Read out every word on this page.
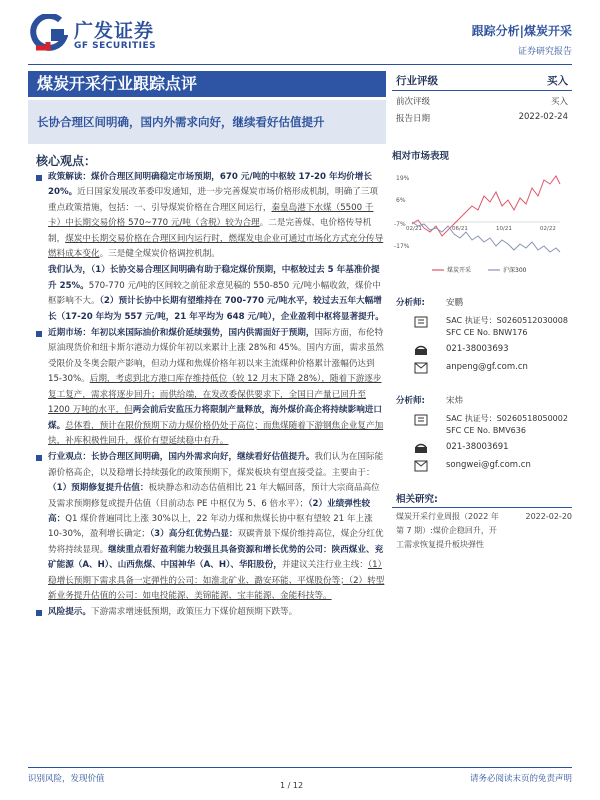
广发证券
GF SECURITIES
跟踪分析|煤炭开采
证券研究报告
煤炭开采行业跟踪点评
长协合理区间明确，国内外需求向好，继续看好估值提升
行业评级	买入
前次评级	买入
报告日期	2022-02-24
核心观点：
政策解读：煤价合理区间明确稳定市场预期，670 元/吨的中枢较 17-20 年均价增长 20%。近日国家发展改革委印发通知，进一步完善煤炭市场价格形成机制，明确了三项重点政策措施，包括：一、引导煤炭价格在合理区间运行，秦皇岛港下水煤（5500 千卡）中长期交易价格 570~770 元/吨（含税）较为合理。二是完善煤、电价格传导机制，煤炭中长期交易价格在合理区间内运行时，燃煤发电企业可通过市场化方式充分传导燃料成本变化。三是健全煤炭价格调控机制。
我们认为，（1）长协交易合理区间明确有助于稳定煤价预期，中枢较过去 5 年基准价提升 25%。570-770 元/吨的区间较之前征求意见稿的 550-850 元/吨小幅收敛，煤价中枢影响不大。（2）预计长协中长期有望维持在 700-770 元/吨水平，较过去五年大幅增长（17-20 年均为 557 元/吨，21 年平均为 648 元/吨），企业盈利中枢将显著提升。
近期市场：年初以来国际油价和煤价延续强势，国内供需面好于预期，国际方面，布伦特原油现货价和纽卡斯尔港动力煤价年初以来累计上涨 28%和 45%。国内方面，需求虽然受限价及冬奥会限产影响，但动力煤和焦煤价格年初以来主流煤种价格累计涨幅仍达到 15-30%。后期，考虑到北方港口库存维持低位（较 12 月末下降 28%），随着下游逐步复工复产，需求将逐步回升；而供给端，在发改委保供要求下，全国日产量已回升至 1200 万吨的水平，但两会前后安监压力将限制产量释放，海外煤价高企将持续影响进口煤。总体看，预计在限价预期下动力煤价格仍处于高位；而焦煤随着下游钢焦企业复产加快，补库积极性回升，煤价有望延续稳中有升。
行业观点：长协合理区间明确，国内外需求向好，继续看好估值提升。我们认为在国际能源价格高企，以及稳增长持续强化的政策预期下，煤炭板块有望直接受益。主要由于：（1）预期修复提升估值：板块静态和动态估值相比 21 年大幅回落，预计大宗商品高位及需求预期修复或提升估值（目前动态 PE 中枢仅为 5、6 倍水平）；（2）业绩弹性较高：Q1 煤价普遍同比上涨 30%以上，22 年动力煤和焦煤长协中枢有望较 21 年上涨 10-30%，盈利增长确定；（3）高分红优势凸显：双碳背景下煤价维持高位，煤企分红优势将持续显现。继续重点看好盈利能力较强且具备资源和增长优势的公司：陕西煤业、兖矿能源（A、H）、山西焦煤、中国神华（A、H）、华阳股份，并建议关注行业主线：（1）稳增长预期下需求具备一定弹性的公司：如淮北矿业、潞安环能、平煤股份等；（2）转型新业务提升估值的公司：如电投能源、美锦能源、宝丰能源、金能科技等。
风险提示。下游需求增速低预期，政策压力下煤价超预期下跌等。
相对市场表现
19%
6%
-7%
-17%
02/21	06/21	10/21	02/22
煤炭开采	沪深300
分析师: 安鹏
SAC 执证号：S0260512030008
SFC CE No. BNW176
021-38003693
anpeng@gf.com.cn
分析师: 宋炜
SAC 执证号：S0260518050002
SFC CE No. BMV636
021-38003691
songwei@gf.com.cn
相关研究:
煤炭开采行业周报（2022 年	2022-02-20
第 7 期）:煤价企稳回升，开
工需求恢复提升板块弹性
识别风险，发现价值
1 / 12
请务必阅读末页的免责声明
